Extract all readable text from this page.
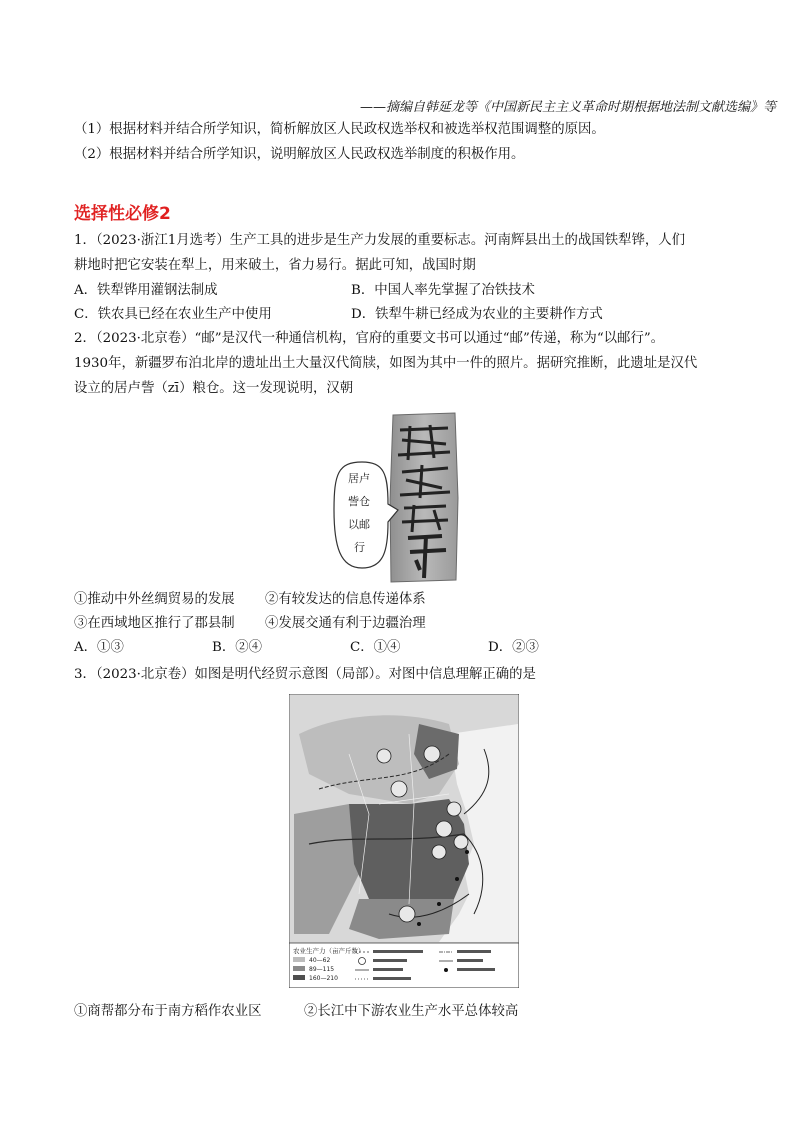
——摘编自韩延龙等《中国新民主主义革命时期根据地法制文献选编》等
（1）根据材料并结合所学知识，简析解放区人民政权选举权和被选举权范围调整的原因。
（2）根据材料并结合所学知识，说明解放区人民政权选举制度的积极作用。
选择性必修2
1．（2023·浙江1月选考）生产工具的进步是生产力发展的重要标志。河南辉县出土的战国铁犁铧，人们
耕地时把它安装在犁上，用来破土，省力易行。据此可知，战国时期
A．铁犁铧用灌钢法制成	B．中国人率先掌握了冶铁技术
C．铁农具已经在农业生产中使用	D．铁犁牛耕已经成为农业的主要耕作方式
2．（2023·北京卷）“邮”是汉代一种通信机构，官府的重要文书可以通过“邮”传递，称为“以邮行”。
1930年，新疆罗布泊北岸的遗址出土大量汉代简牍，如图为其中一件的照片。据研究推断，此遗址是汉代
设立的居卢訾（zī）粮仓。这一发现说明，汉朝
居卢
訾仓
以邮
行
①推动中外丝绸贸易的发展 ②有较发达的信息传递体系
③在西域地区推行了郡县制 ④发展交通有利于边疆治理
A．①③	B．②④	C．①④	D．②③
3．（2023·北京卷）如图是明代经贸示意图（局部）。对图中信息理解正确的是
农业生产力（亩产斤数）
40—62
89—115
160—210
①商帮都分布于南方稻作农业区	②长江中下游农业生产水平总体较高
